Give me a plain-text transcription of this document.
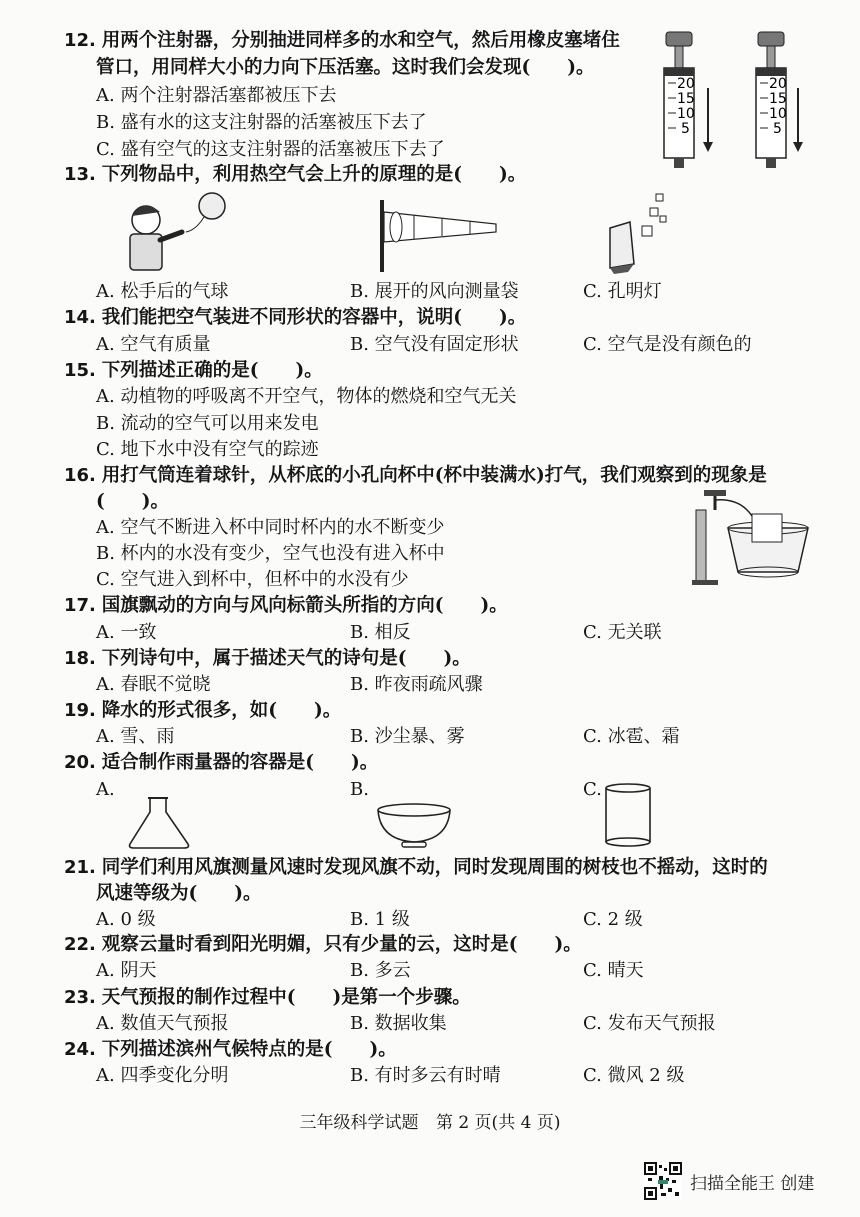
12. 用两个注射器，分别抽进同样多的水和空气，然后用橡皮塞堵住
管口，用同样大小的力向下压活塞。这时我们会发现(　　)。
A. 两个注射器活塞都被压下去
B. 盛有水的这支注射器的活塞被压下去了
C. 盛有空气的这支注射器的活塞被压下去了
20
15
10
5
20
15
10
5
13. 下列物品中，利用热空气会上升的原理的是(　　)。
A. 松手后的气球	B. 展开的风向测量袋	C. 孔明灯
14. 我们能把空气装进不同形状的容器中，说明(　　)。
A. 空气有质量	B. 空气没有固定形状	C. 空气是没有颜色的
15. 下列描述正确的是(　　)。
A. 动植物的呼吸离不开空气，物体的燃烧和空气无关
B. 流动的空气可以用来发电
C. 地下水中没有空气的踪迹
16. 用打气筒连着球针，从杯底的小孔向杯中(杯中装满水)打气，我们观察到的现象是
(　　)。
A. 空气不断进入杯中同时杯内的水不断变少
B. 杯内的水没有变少，空气也没有进入杯中
C. 空气进入到杯中，但杯中的水没有少
17. 国旗飘动的方向与风向标箭头所指的方向(　　)。
A. 一致	B. 相反	C. 无关联
18. 下列诗句中，属于描述天气的诗句是(　　)。
A. 春眠不觉晓	B. 昨夜雨疏风骤
19. 降水的形式很多，如(　　)。
A. 雪、雨	B. 沙尘暴、雾	C. 冰雹、霜
20. 适合制作雨量器的容器是(　　)。
A.	B.	C.
21. 同学们利用风旗测量风速时发现风旗不动，同时发现周围的树枝也不摇动，这时的
风速等级为(　　)。
A. 0 级	B. 1 级	C. 2 级
22. 观察云量时看到阳光明媚，只有少量的云，这时是(　　)。
A. 阴天	B. 多云	C. 晴天
23. 天气预报的制作过程中(　　)是第一个步骤。
A. 数值天气预报	B. 数据收集	C. 发布天气预报
24. 下列描述滨州气候特点的是(　　)。
A. 四季变化分明	B. 有时多云有时晴	C. 微风 2 级
三年级科学试题 第 2 页(共 4 页)
扫描全能王 创建
